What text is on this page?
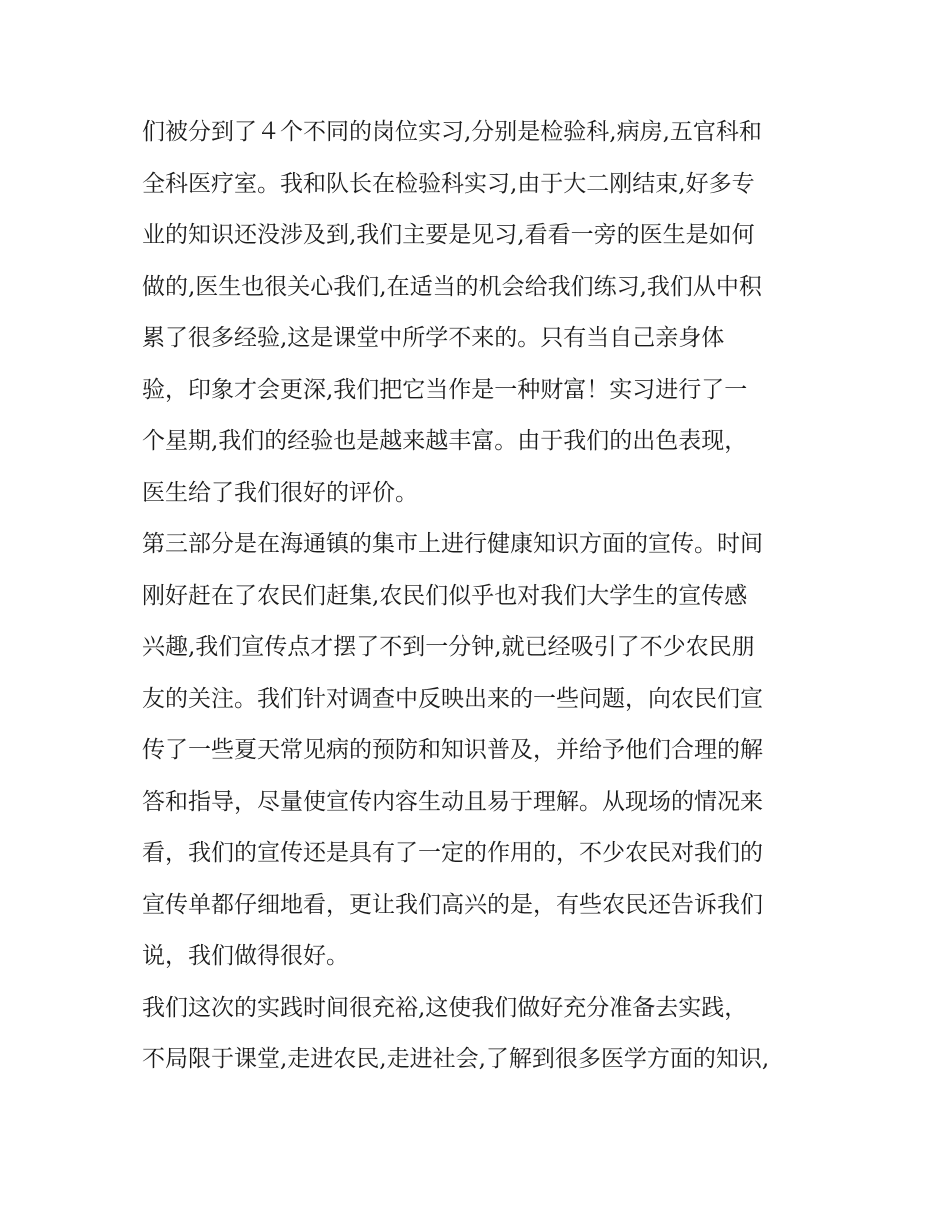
们被分到了４个不同的岗位实习,分别是检验科,病房,五官科和
全科医疗室。我和队长在检验科实习,由于大二刚结束,好多专
业的知识还没涉及到,我们主要是见习,看看一旁的医生是如何
做的,医生也很关心我们,在适当的机会给我们练习,我们从中积
累了很多经验,这是课堂中所学不来的。只有当自己亲身体
验，印象才会更深,我们把它当作是一种财富！实习进行了一
个星期,我们的经验也是越来越丰富。由于我们的出色表现，
医生给了我们很好的评价。
第三部分是在海通镇的集市上进行健康知识方面的宣传。时间
刚好赶在了农民们赶集,农民们似乎也对我们大学生的宣传感
兴趣,我们宣传点才摆了不到一分钟,就已经吸引了不少农民朋
友的关注。我们针对调查中反映出来的一些问题，向农民们宣
传了一些夏天常见病的预防和知识普及，并给予他们合理的解
答和指导，尽量使宣传内容生动且易于理解。从现场的情况来
看，我们的宣传还是具有了一定的作用的，不少农民对我们的
宣传单都仔细地看，更让我们高兴的是，有些农民还告诉我们
说，我们做得很好。
我们这次的实践时间很充裕,这使我们做好充分准备去实践，
不局限于课堂,走进农民,走进社会,了解到很多医学方面的知识,
